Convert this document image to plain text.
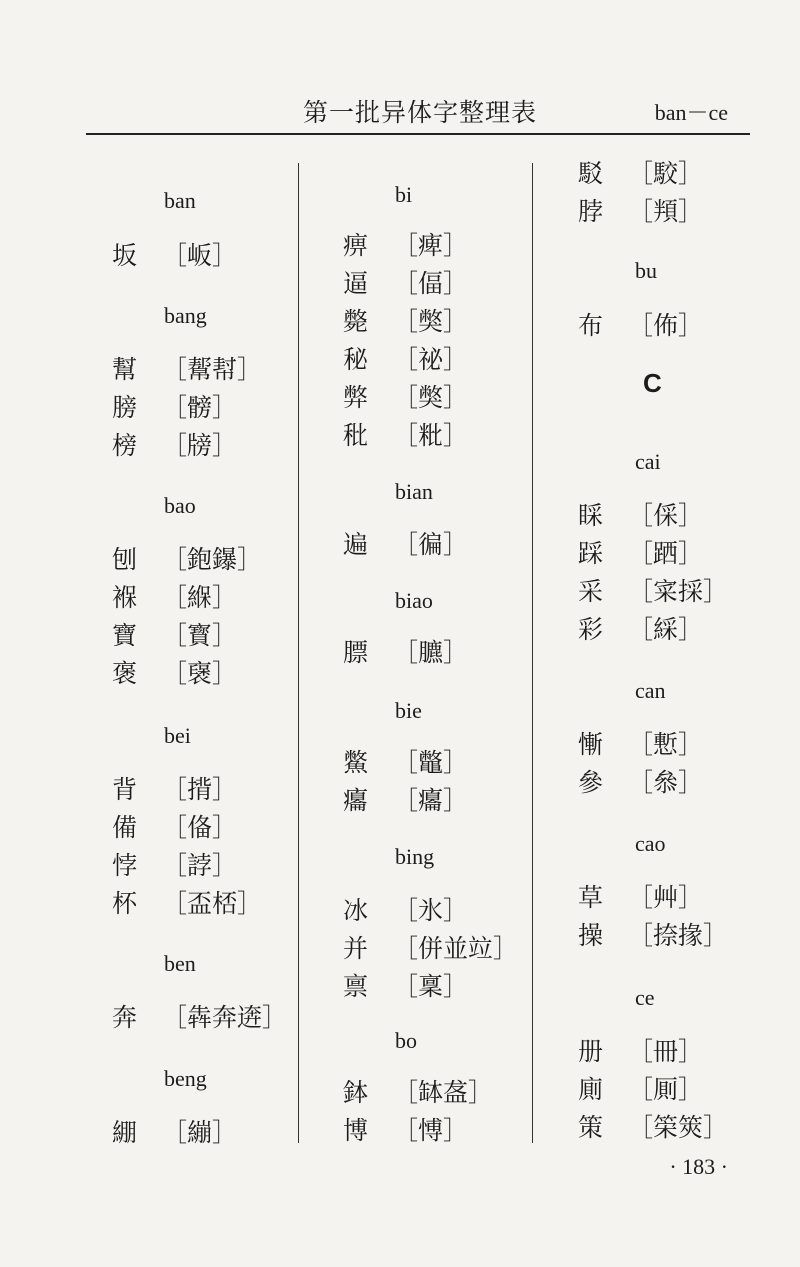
第一批异体字整理表	ban－ce
ban
坂 ［岅］
bang
幫 ［幚幇］
膀 ［髈］
榜 ［牓］
bao
刨 ［鉋鑤］
褓 ［緥］
寶 ［寳］
褒 ［襃］
bei
背 ［揹］
備 ［俻］
悖 ［誖］
杯 ［盃桮］
ben
奔 ［犇奔逩］
beng
綳 ［繃］
bi
痹 ［痺］
逼 ［偪］
斃 ［獘］
秘 ［祕］
弊 ［獘］
秕 ［粃］
bian
遍 ［徧］
biao
膘 ［臕］
bie
鱉 ［鼈］
癟 ［癟］
bing
冰 ［氷］
并 ［併並竝］
禀 ［稟］
bo
鉢 ［缽盋］
博 ［愽］
駁 ［駮］
脖 ［頖］
bu
布 ［佈］
C
cai
睬 ［倸］
踩 ［跴］
采 ［寀採］
彩 ［綵］
can
慚 ［慙］
參 ［叅］
cao
草 ［艸］
操 ［捺掾］
ce
册 ［冊］
廁 ［厠］
策 ［筞筴］
· 183 ·
